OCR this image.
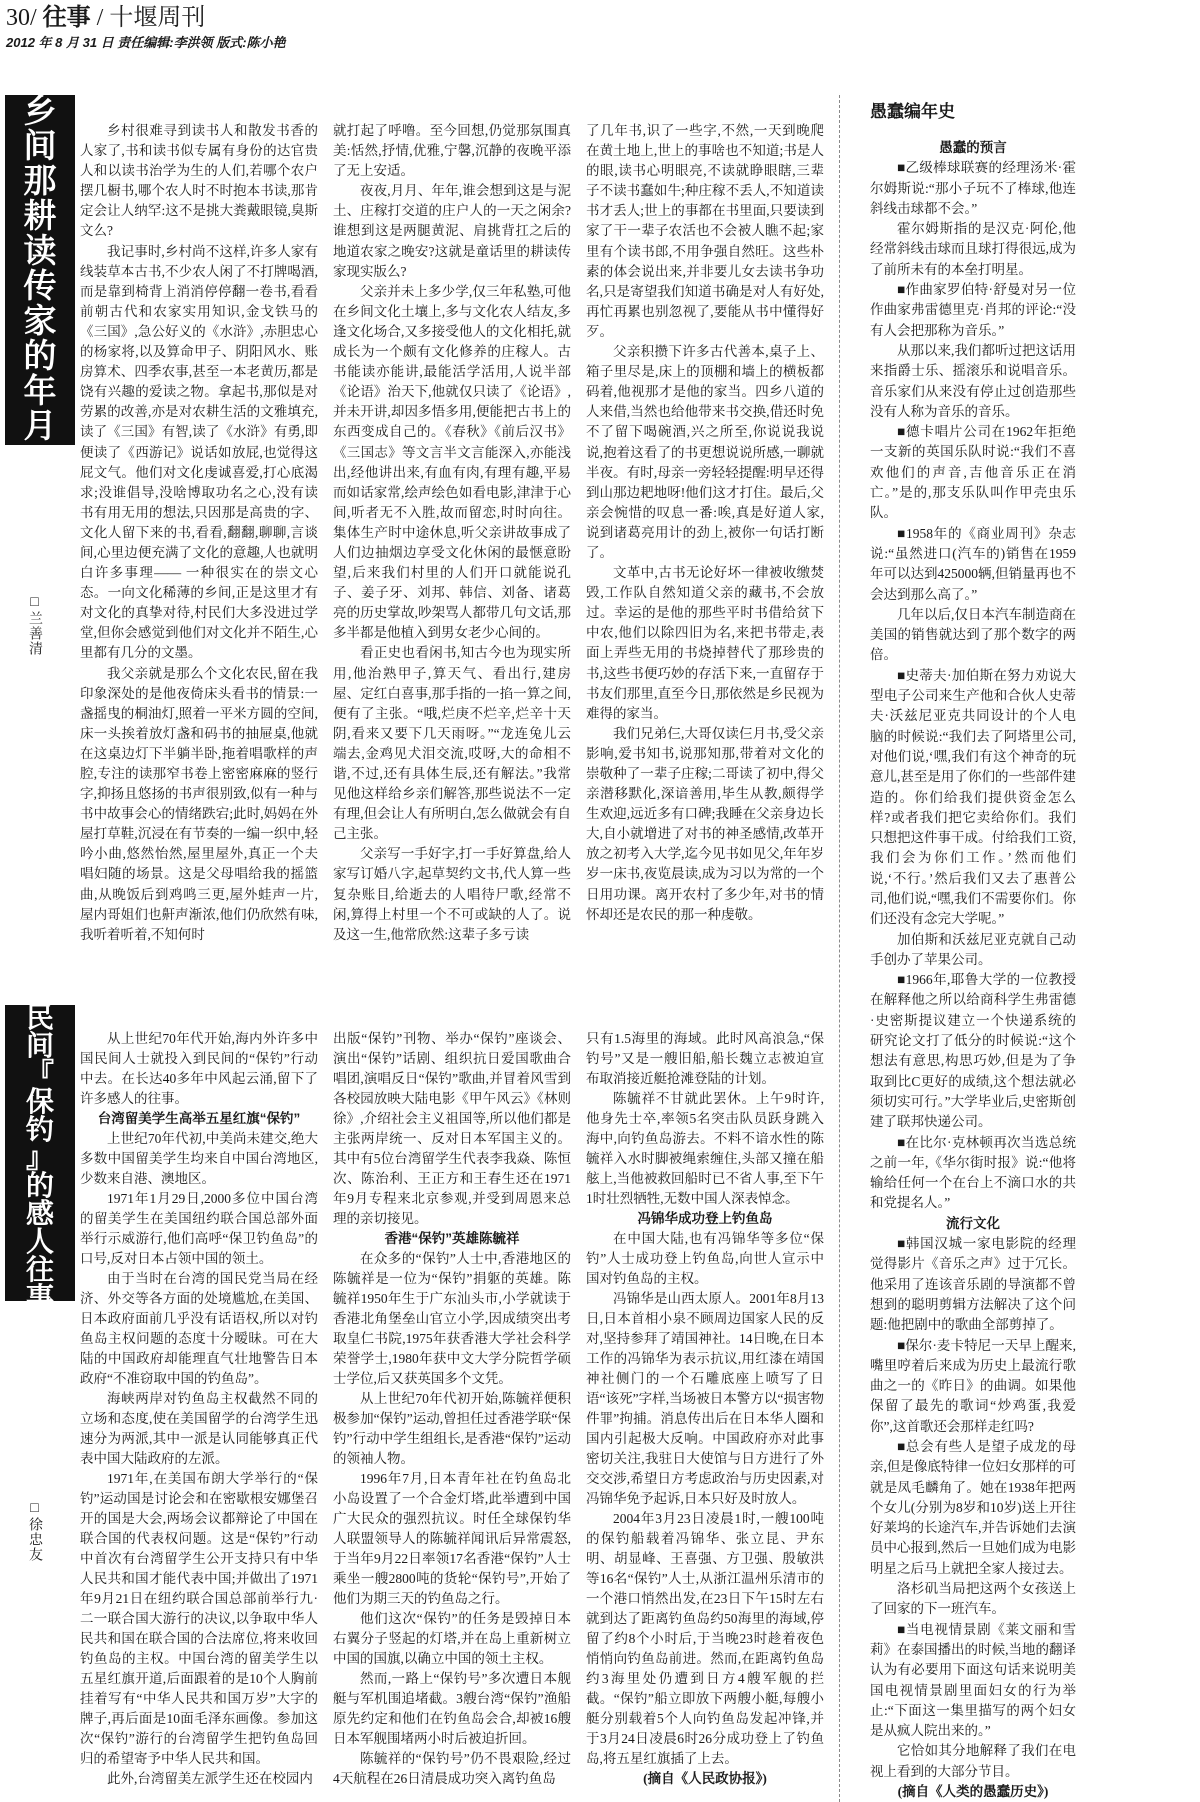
30/ 往事 / 十堰周刊
2012 年 8 月 31 日 责任编辑:李洪领 版式:陈小艳
乡
间
那
耕
读
传
家
的
年
月
□兰善清

乡村很难寻到读书人和散发书香的人家了,书和读书似专属有身份的达官贵人和以读书治学为生的人们,若哪个农户摆几橱书,哪个农人时不时抱本书读,那肯定会让人纳罕:这不是挑大粪戴眼镜,臭斯文么?

我记事时,乡村尚不这样,许多人家有线装草本古书,不少农人闲了不打牌喝酒,而是靠到椅背上消消停停翻一卷书,看看前朝古代和农家实用知识,金戈铁马的《三国》,急公好义的《水浒》,赤胆忠心的杨家将,以及算命甲子、阴阳风水、账房算术、四季农事,甚至一本老黄历,都是饶有兴趣的爱读之物。拿起书,那似是对劳累的改善,亦是对农耕生活的文雅填充,读了《三国》有智,读了《水浒》有勇,即便读了《西游记》说话如放屁,也觉得这屁文气。他们对文化虔诚喜爱,打心底渴求;没谁倡导,没啥博取功名之心,没有读书有用无用的想法,只因那是高贵的字、文化人留下来的书,看看,翻翻,聊聊,言谈间,心里边便充满了文化的意趣,人也就明白许多事理—— 一种很实在的崇文心态。一向文化稀薄的乡间,正是这里才有对文化的真挚对待,村民们大多没进过学堂,但你会感觉到他们对文化并不陌生,心里都有几分的文墨。

我父亲就是那么个文化农民,留在我印象深处的是他夜倚床头看书的情景:一盏摇曳的桐油灯,照着一平米方圆的空间,床一头挨着放灯盏和码书的抽屉桌,他就在这桌边灯下半躺半卧,拖着唱歌样的声腔,专注的读那窄书卷上密密麻麻的竖行字,抑扬且悠扬的书声很别致,似有一种与书中故事会心的情绪跌宕;此时,妈妈在外屋打草鞋,沉浸在有节奏的一编一织中,轻吟小曲,悠然怡然,屋里屋外,真正一个夫唱妇随的场景。这是父母唱给我的摇篮曲,从晚饭后到鸡鸣三更,屋外蛙声一片,屋内哥姐们也鼾声渐浓,他们仍欣然有味,我听着听着,不知何时

就打起了呼噜。至今回想,仍觉那氛围真美:恬然,抒情,优雅,宁馨,沉静的夜晚平添了无上安适。

夜夜,月月、年年,谁会想到这是与泥土、庄稼打交道的庄户人的一天之闲余?谁想到这是两腿黄泥、肩挑背扛之后的地道农家之晚安?这就是童话里的耕读传家现实版么?

父亲并未上多少学,仅三年私塾,可他在乡间文化土壤上,多与文化农人结友,多逢文化场合,又多接受他人的文化相托,就成长为一个颇有文化修养的庄稼人。古书能读亦能讲,最能活学活用,人说半部《论语》治天下,他就仅只读了《论语》,并未开讲,却因多悟多用,便能把古书上的东西变成自己的。《春秋》《前后汉书》《三国志》等文言半文言能深入,亦能浅出,经他讲出来,有血有肉,有理有趣,平易而如话家常,绘声绘色如看电影,津津于心间,听者无不入胜,故而留恋,时时向往。集体生产时中途休息,听父亲讲故事成了人们边抽烟边享受文化休闲的最惬意盼望,后来我们村里的人们开口就能说孔子、姜子牙、刘邦、韩信、刘备、诸葛亮的历史掌故,吵架骂人都带几句文话,那多半都是他植入到男女老少心间的。

看正史也看闲书,知古今也为现实所用,他治熟甲子,算天气、看出行,建房屋、定红白喜事,那手指的一掐一算之间,便有了主张。“哦,烂庚不烂辛,烂辛十天阴,看来又要下几天雨呀。”“龙连兔儿云端去,金鸡见犬泪交流,哎呀,大的命相不谐,不过,还有具体生辰,还有解法。”我常见他这样给乡亲们解答,那些说法不一定有理,但会让人有所明白,怎么做就会有自己主张。

父亲写一手好字,打一手好算盘,给人家写订婚八字,起草契约文书,代人算一些复杂账目,给逝去的人唱待尸歌,经常不闲,算得上村里一个不可或缺的人了。说及这一生,他常欣然:这辈子多亏读

了几年书,识了一些字,不然,一天到晚爬在黄土地上,世上的事啥也不知道;书是人的眼,读书心明眼亮,不读就睁眼瞎,三辈子不读书蠢如牛;种庄稼不丢人,不知道读书才丢人;世上的事都在书里面,只要读到家了干一辈子农活也不会被人瞧不起;家里有个读书郎,不用争强自然旺。这些朴素的体会说出来,并非要儿女去读书争功名,只是寄望我们知道书确是对人有好处,再忙再累也别忽视了,要能从书中懂得好歹。

父亲积攒下许多古代善本,桌子上、箱子里尽是,床上的顶棚和墙上的横板都码着,他视那才是他的家当。四乡八道的人来借,当然也给他带来书交换,借还时免不了留下喝碗酒,兴之所至,你说说我说说,抱着这看了的书更想说说所感,一聊就半夜。有时,母亲一旁轻轻提醒:明早还得到山那边耙地呀!他们这才打住。最后,父亲会惋惜的叹息一番:唉,真是好道人家,说到诸葛亮用计的劲上,被你一句话打断了。

文革中,古书无论好坏一律被收缴焚毁,工作队自然知道父亲的藏书,不会放过。幸运的是他的那些平时书借给贫下中农,他们以除四旧为名,来把书带走,表面上弄些无用的书烧掉替代了那珍贵的书,这些书便巧妙的存活下来,一直留存于书友们那里,直至今日,那依然是乡民视为难得的家当。

我们兄弟仨,大哥仅读仨月书,受父亲影响,爱书知书,说那知那,带着对文化的崇敬种了一辈子庄稼;二哥读了初中,得父亲潜移默化,深谙善用,毕生从教,颇得学生欢迎,远近多有口碑;我睡在父亲身边长大,自小就增进了对书的神圣感情,改革开放之初考入大学,迄今见书如见父,年年岁岁一床书,夜览晨读,成为习以为常的一个日用功课。离开农村了多少年,对书的情怀却还是农民的那一种虔敬。

民
间
『
保
钓
』
的
感
人
往
事
□徐忠友

从上世纪70年代开始,海内外许多中国民间人士就投入到民间的“保钓”行动中去。在长达40多年中风起云涌,留下了许多感人的往事。

台湾留美学生高举五星红旗“保钓”

上世纪70年代初,中美尚未建交,绝大多数中国留美学生均来自中国台湾地区,少数来自港、澳地区。

1971年1月29日,2000多位中国台湾的留美学生在美国纽约联合国总部外面举行示威游行,他们高呼“保卫钓鱼岛”的口号,反对日本占领中国的领土。

由于当时在台湾的国民党当局在经济、外交等各方面的处境尴尬,在美国、日本政府面前几乎没有话语权,所以对钓鱼岛主权问题的态度十分暧昧。可在大陆的中国政府却能理直气壮地警告日本政府“不准窃取中国的钓鱼岛”。

海峡两岸对钓鱼岛主权截然不同的立场和态度,使在美国留学的台湾学生迅速分为两派,其中一派是认同能够真正代表中国大陆政府的左派。

1971年,在美国布朗大学举行的“保钓”运动国是讨论会和在密歇根安娜堡召开的国是大会,两场会议都辩论了中国在联合国的代表权问题。这是“保钓”行动中首次有台湾留学生公开支持只有中华人民共和国才能代表中国;并做出了1971年9月21日在纽约联合国总部前举行九·二一联合国大游行的决议,以争取中华人民共和国在联合国的合法席位,将来收回钓鱼岛的主权。中国台湾的留美学生以五星红旗开道,后面跟着的是10个人胸前挂着写有“中华人民共和国万岁”大字的牌子,再后面是10面毛泽东画像。参加这次“保钓”游行的台湾留学生把钓鱼岛回归的希望寄予中华人民共和国。

此外,台湾留美左派学生还在校园内

出版“保钓”刊物、举办“保钓”座谈会、演出“保钓”话剧、组织抗日爱国歌曲合唱团,演唱反日“保钓”歌曲,并冒着风雪到各校园放映大陆电影《甲午风云》《林则徐》,介绍社会主义祖国等,所以他们都是主张两岸统一、反对日本军国主义的。其中有5位台湾留学生代表李我焱、陈恒次、陈治利、王正方和王春生还在1971年9月专程来北京参观,并受到周恩来总理的亲切接见。

香港“保钓”英雄陈毓祥

在众多的“保钓”人士中,香港地区的陈毓祥是一位为“保钓”捐躯的英雄。陈毓祥1950年生于广东汕头市,小学就读于香港北角堡垒山官立小学,因成绩突出考取皇仁书院,1975年获香港大学社会科学荣誉学士,1980年获中文大学分院哲学硕士学位,后又获英国多个文凭。

从上世纪70年代初开始,陈毓祥便积极参加“保钓”运动,曾担任过香港学联“保钓”行动中学生组组长,是香港“保钓”运动的领袖人物。

1996年7月,日本青年社在钓鱼岛北小岛设置了一个合金灯塔,此举遭到中国广大民众的强烈抗议。时任全球保钓华人联盟领导人的陈毓祥闻讯后异常震怒,于当年9月22日率领17名香港“保钓”人士乘坐一艘2800吨的货轮“保钓号”,开始了他们为期三天的钓鱼岛之行。

他们这次“保钓”的任务是毁掉日本右翼分子竖起的灯塔,并在岛上重新树立中国的国旗,以确立中国的领土主权。

然而,一路上“保钓号”多次遭日本舰艇与军机围追堵截。3艘台湾“保钓”渔船原先约定和他们在钓鱼岛会合,却被16艘日本军舰围堵两小时后被迫折回。

陈毓祥的“保钓号”仍不畏艰险,经过4天航程在26日清晨成功突入离钓鱼岛

只有1.5海里的海域。此时风高浪急,“保钓号”又是一艘旧船,船长魏立志被迫宣布取消接近艇抢滩登陆的计划。

陈毓祥不甘就此罢休。上午9时许,他身先士卒,率领5名突击队员跃身跳入海中,向钓鱼岛游去。不料不谙水性的陈毓祥入水时脚被绳索缠住,头部又撞在船舷上,当他被救回船时已不省人事,至下午1时壮烈牺牲,无数中国人深表悼念。

冯锦华成功登上钓鱼岛

在中国大陆,也有冯锦华等多位“保钓”人士成功登上钓鱼岛,向世人宣示中国对钓鱼岛的主权。

冯锦华是山西太原人。2001年8月13日,日本首相小泉不顾周边国家人民的反对,坚持参拜了靖国神社。14日晚,在日本工作的冯锦华为表示抗议,用红漆在靖国神社侧门的一个石雕底座上喷写了日语“该死”字样,当场被日本警方以“损害物件罪”拘捕。消息传出后在日本华人圈和国内引起极大反响。中国政府亦对此事密切关注,我驻日大使馆与日方进行了外交交涉,希望日方考虑政治与历史因素,对冯锦华免予起诉,日本只好及时放人。

2004年3月23日凌晨1时,一艘100吨的保钓船载着冯锦华、张立昆、尹东明、胡显峰、王喜强、方卫强、殷敏洪等16名“保钓”人士,从浙江温州乐清市的一个港口悄然出发,在23日下午15时左右就到达了距离钓鱼岛约50海里的海域,停留了约8个小时后,于当晚23时趁着夜色悄悄向钓鱼岛前进。然而,在距离钓鱼岛约3海里处仍遭到日方4艘军舰的拦截。“保钓”船立即放下两艘小艇,每艘小艇分别载着5个人向钓鱼岛发起冲锋,并于3月24日凌晨6时26分成功登上了钓鱼岛,将五星红旗插了上去。

(摘自《人民政协报》)

愚蠢编年史

愚蠢的预言

■乙级棒球联赛的经理汤米·霍尔姆斯说:“那小子玩不了棒球,他连斜线击球都不会。”

霍尔姆斯指的是汉克·阿伦,他经常斜线击球而且球打得很远,成为了前所未有的本垒打明星。

■作曲家罗伯特·舒曼对另一位作曲家弗雷德里克·肖邦的评论:“没有人会把那称为音乐。”

从那以来,我们都听过把这话用来指爵士乐、摇滚乐和说唱音乐。音乐家们从来没有停止过创造那些没有人称为音乐的音乐。

■德卡唱片公司在1962年拒绝一支新的英国乐队时说:“我们不喜欢他们的声音,吉他音乐正在消亡。”是的,那支乐队叫作甲壳虫乐队。

■1958年的《商业周刊》杂志说:“虽然进口(汽车的)销售在1959年可以达到425000辆,但销量再也不会达到那么高了。”

几年以后,仅日本汽车制造商在美国的销售就达到了那个数字的两倍。

■史蒂夫·加伯斯在努力劝说大型电子公司来生产他和合伙人史蒂夫·沃兹尼亚克共同设计的个人电脑的时候说:“我们去了阿塔里公司,对他们说,‘嘿,我们有这个神奇的玩意儿,甚至是用了你们的一些部件建造的。你们给我们提供资金怎么样?或者我们把它卖给你们。我们只想把这件事干成。付给我们工资,我们会为你们工作。’然而他们说,‘不行。’然后我们又去了惠普公司,他们说,“嘿,我们不需要你们。你们还没有念完大学呢。”

加伯斯和沃兹尼亚克就自己动手创办了苹果公司。

■1966年,耶鲁大学的一位教授在解释他之所以给商科学生弗雷德·史密斯提议建立一个快递系统的研究论文打了低分的时候说:“这个想法有意思,构思巧妙,但是为了争取到比C更好的成绩,这个想法就必须切实可行。”大学毕业后,史密斯创建了联邦快递公司。

■在比尔·克林顿再次当选总统之前一年,《华尔街时报》说:“他将输给任何一个在台上不滴口水的共和党提名人。”

流行文化

■韩国汉城一家电影院的经理觉得影片《音乐之声》过于冗长。他采用了连该音乐剧的导演都不曾想到的聪明剪辑方法解决了这个问题:他把剧中的歌曲全部剪掉了。

■保尔·麦卡特尼一天早上醒来,嘴里哼着后来成为历史上最流行歌曲之一的《昨日》的曲调。如果他保留了最先的歌词“炒鸡蛋,我爱你”,这首歌还会那样走红吗?

■总会有些人是望子成龙的母亲,但是像底特律一位妇女那样的可就是凤毛麟角了。她在1938年把两个女儿(分别为8岁和10岁)送上开往好莱坞的长途汽车,并告诉她们去演员中心报到,然后一旦她们成为电影明星之后马上就把全家人接过去。

洛杉矶当局把这两个女孩送上了回家的下一班汽车。

■当电视情景剧《莱文丽和雪莉》在泰国播出的时候,当地的翻译认为有必要用下面这句话来说明美国电视情景剧里面妇女的行为举止:“下面这一集里描写的两个妇女是从疯人院出来的。”

它恰如其分地解释了我们在电视上看到的大部分节目。

(摘自《人类的愚蠢历史》)
